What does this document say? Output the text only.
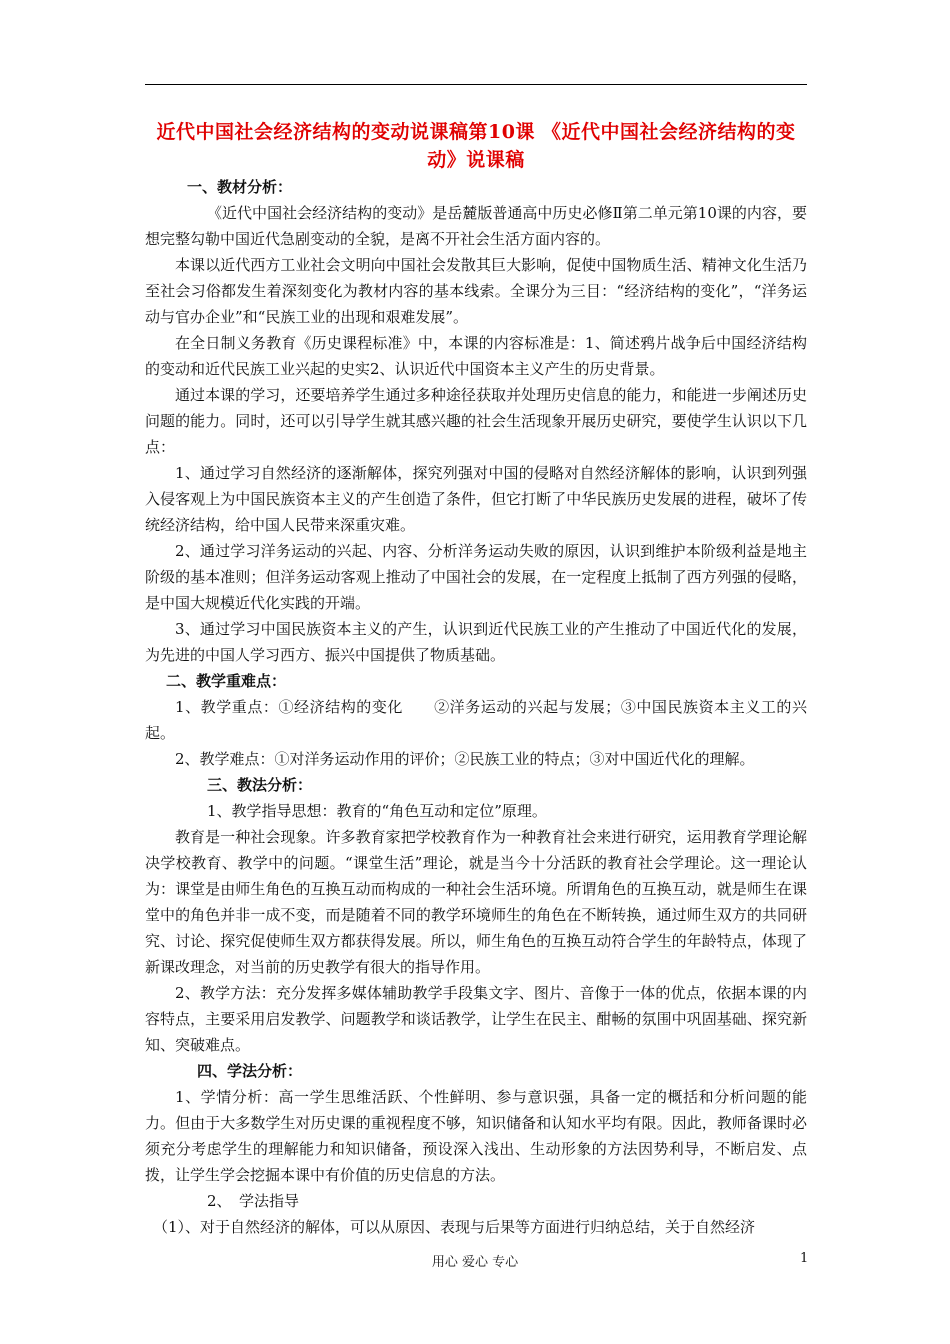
近代中国社会经济结构的变动说课稿第10课 《近代中国社会经济结构的变动》说课稿

一、教材分析：

《近代中国社会经济结构的变动》是岳麓版普通高中历史必修Ⅱ第二单元第10课的内容，要想完整勾勒中国近代急剧变动的全貌，是离不开社会生活方面内容的。

本课以近代西方工业社会文明向中国社会发散其巨大影响，促使中国物质生活、精神文化生活乃至社会习俗都发生着深刻变化为教材内容的基本线索。全课分为三目：“经济结构的变化”，“洋务运动与官办企业”和“民族工业的出现和艰难发展”。

在全日制义务教育《历史课程标准》中，本课的内容标准是：1、简述鸦片战争后中国经济结构的变动和近代民族工业兴起的史实2、认识近代中国资本主义产生的历史背景。

通过本课的学习，还要培养学生通过多种途径获取并处理历史信息的能力，和能进一步阐述历史问题的能力。同时，还可以引导学生就其感兴趣的社会生活现象开展历史研究，要使学生认识以下几点：

1、通过学习自然经济的逐渐解体，探究列强对中国的侵略对自然经济解体的影响，认识到列强入侵客观上为中国民族资本主义的产生创造了条件，但它打断了中华民族历史发展的进程，破坏了传统经济结构，给中国人民带来深重灾难。

2、通过学习洋务运动的兴起、内容、分析洋务运动失败的原因，认识到维护本阶级利益是地主阶级的基本准则；但洋务运动客观上推动了中国社会的发展，在一定程度上抵制了西方列强的侵略，是中国大规模近代化实践的开端。

3、通过学习中国民族资本主义的产生，认识到近代民族工业的产生推动了中国近代化的发展，为先进的中国人学习西方、振兴中国提供了物质基础。

二、教学重难点：

1、教学重点：①经济结构的变化　　②洋务运动的兴起与发展；③中国民族资本主义工的兴起。

2、教学难点：①对洋务运动作用的评价；②民族工业的特点；③对中国近代化的理解。

三、教法分析：

1、教学指导思想：教育的“角色互动和定位”原理。

教育是一种社会现象。许多教育家把学校教育作为一种教育社会来进行研究，运用教育学理论解决学校教育、教学中的问题。“课堂生活”理论，就是当今十分活跃的教育社会学理论。这一理论认为：课堂是由师生角色的互换互动而构成的一种社会生活环境。所谓角色的互换互动，就是师生在课堂中的角色并非一成不变，而是随着不同的教学环境师生的角色在不断转换，通过师生双方的共同研究、讨论、探究促使师生双方都获得发展。所以，师生角色的互换互动符合学生的年龄特点，体现了新课改理念，对当前的历史教学有很大的指导作用。

2、教学方法：充分发挥多媒体辅助教学手段集文字、图片、音像于一体的优点，依据本课的内容特点，主要采用启发教学、问题教学和谈话教学，让学生在民主、酣畅的氛围中巩固基础、探究新知、突破难点。

四、学法分析：

1、学情分析：高一学生思维活跃、个性鲜明、参与意识强，具备一定的概括和分析问题的能力。但由于大多数学生对历史课的重视程度不够，知识储备和认知水平均有限。因此，教师备课时必须充分考虑学生的理解能力和知识储备，预设深入浅出、生动形象的方法因势利导，不断启发、点拨，让学生学会挖掘本课中有价值的历史信息的方法。

2、　学法指导

（1）、对于自然经济的解体，可以从原因、表现与后果等方面进行归纳总结，关于自然经济

用心 爱心 专心	1
